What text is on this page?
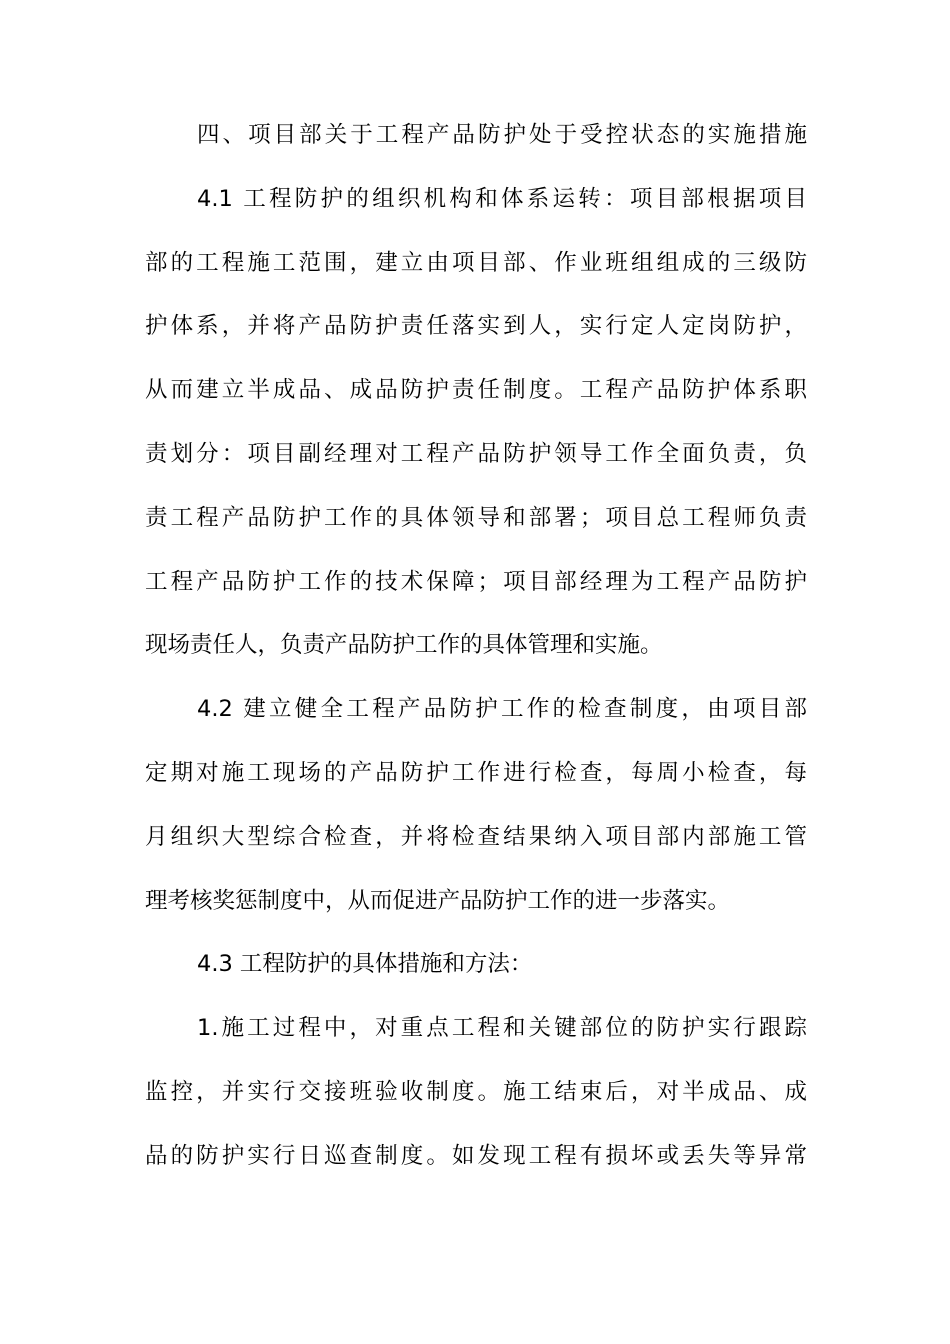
四、项目部关于工程产品防护处于受控状态的实施措施

4.1 工程防护的组织机构和体系运转：项目部根据项目
部的工程施工范围，建立由项目部、作业班组组成的三级防
护体系，并将产品防护责任落实到人，实行定人定岗防护，
从而建立半成品、成品防护责任制度。工程产品防护体系职
责划分：项目副经理对工程产品防护领导工作全面负责，负
责工程产品防护工作的具体领导和部署；项目总工程师负责
工程产品防护工作的技术保障；项目部经理为工程产品防护
现场责任人，负责产品防护工作的具体管理和实施。

4.2 建立健全工程产品防护工作的检查制度，由项目部
定期对施工现场的产品防护工作进行检查，每周小检查，每
月组织大型综合检查，并将检查结果纳入项目部内部施工管
理考核奖惩制度中，从而促进产品防护工作的进一步落实。

4.3 工程防护的具体措施和方法：

1.施工过程中，对重点工程和关键部位的防护实行跟踪
监控，并实行交接班验收制度。施工结束后，对半成品、成
品的防护实行日巡查制度。如发现工程有损坏或丢失等异常
